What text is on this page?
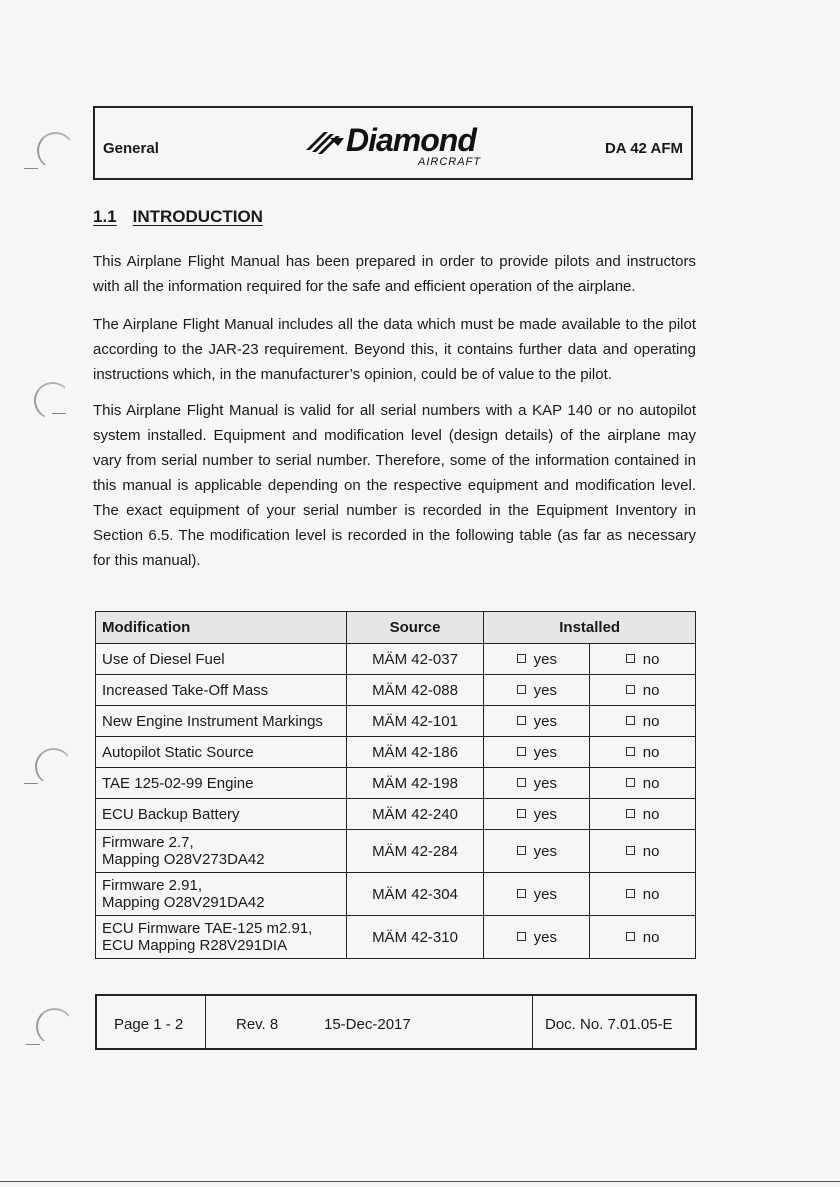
General	Diamond
AIRCRAFT
DA 42 AFM
1.1 INTRODUCTION

This Airplane Flight Manual has been prepared in order to provide pilots and instructors with all the information required for the safe and efficient operation of the airplane.

The Airplane Flight Manual includes all the data which must be made available to the pilot according to the JAR-23 requirement. Beyond this, it contains further data and operating instructions which, in the manufacturer’s opinion, could be of value to the pilot.

This Airplane Flight Manual is valid for all serial numbers with a KAP 140 or no autopilot system installed. Equipment and modification level (design details) of the airplane may vary from serial number to serial number. Therefore, some of the information contained in this manual is applicable depending on the respective equipment and modification level. The exact equipment of your serial number is recorded in the Equipment Inventory in Section 6.5. The modification level is recorded in the following table (as far as necessary for this manual).

Modification	Source	Installed	
Use of Diesel Fuel	MÄM 42-037	yes	no
Increased Take-Off Mass	MÄM 42-088	yes	no
New Engine Instrument Markings	MÄM 42-101	yes	no
Autopilot Static Source	MÄM 42-186	yes	no
TAE 125-02-99 Engine	MÄM 42-198	yes	no
ECU Backup Battery	MÄM 42-240	yes	no
Firmware 2.7,
Mapping O28V273DA42	MÄM 42-284	yes	no
Firmware 2.91,
Mapping O28V291DA42	MÄM 42-304	yes	no
ECU Firmware TAE-125 m2.91,
ECU Mapping R28V291DIA	MÄM 42-310	yes	no
Page 1 - 2	Rev. 8	15-Dec-2017	Doc. No. 7.01.05-E
